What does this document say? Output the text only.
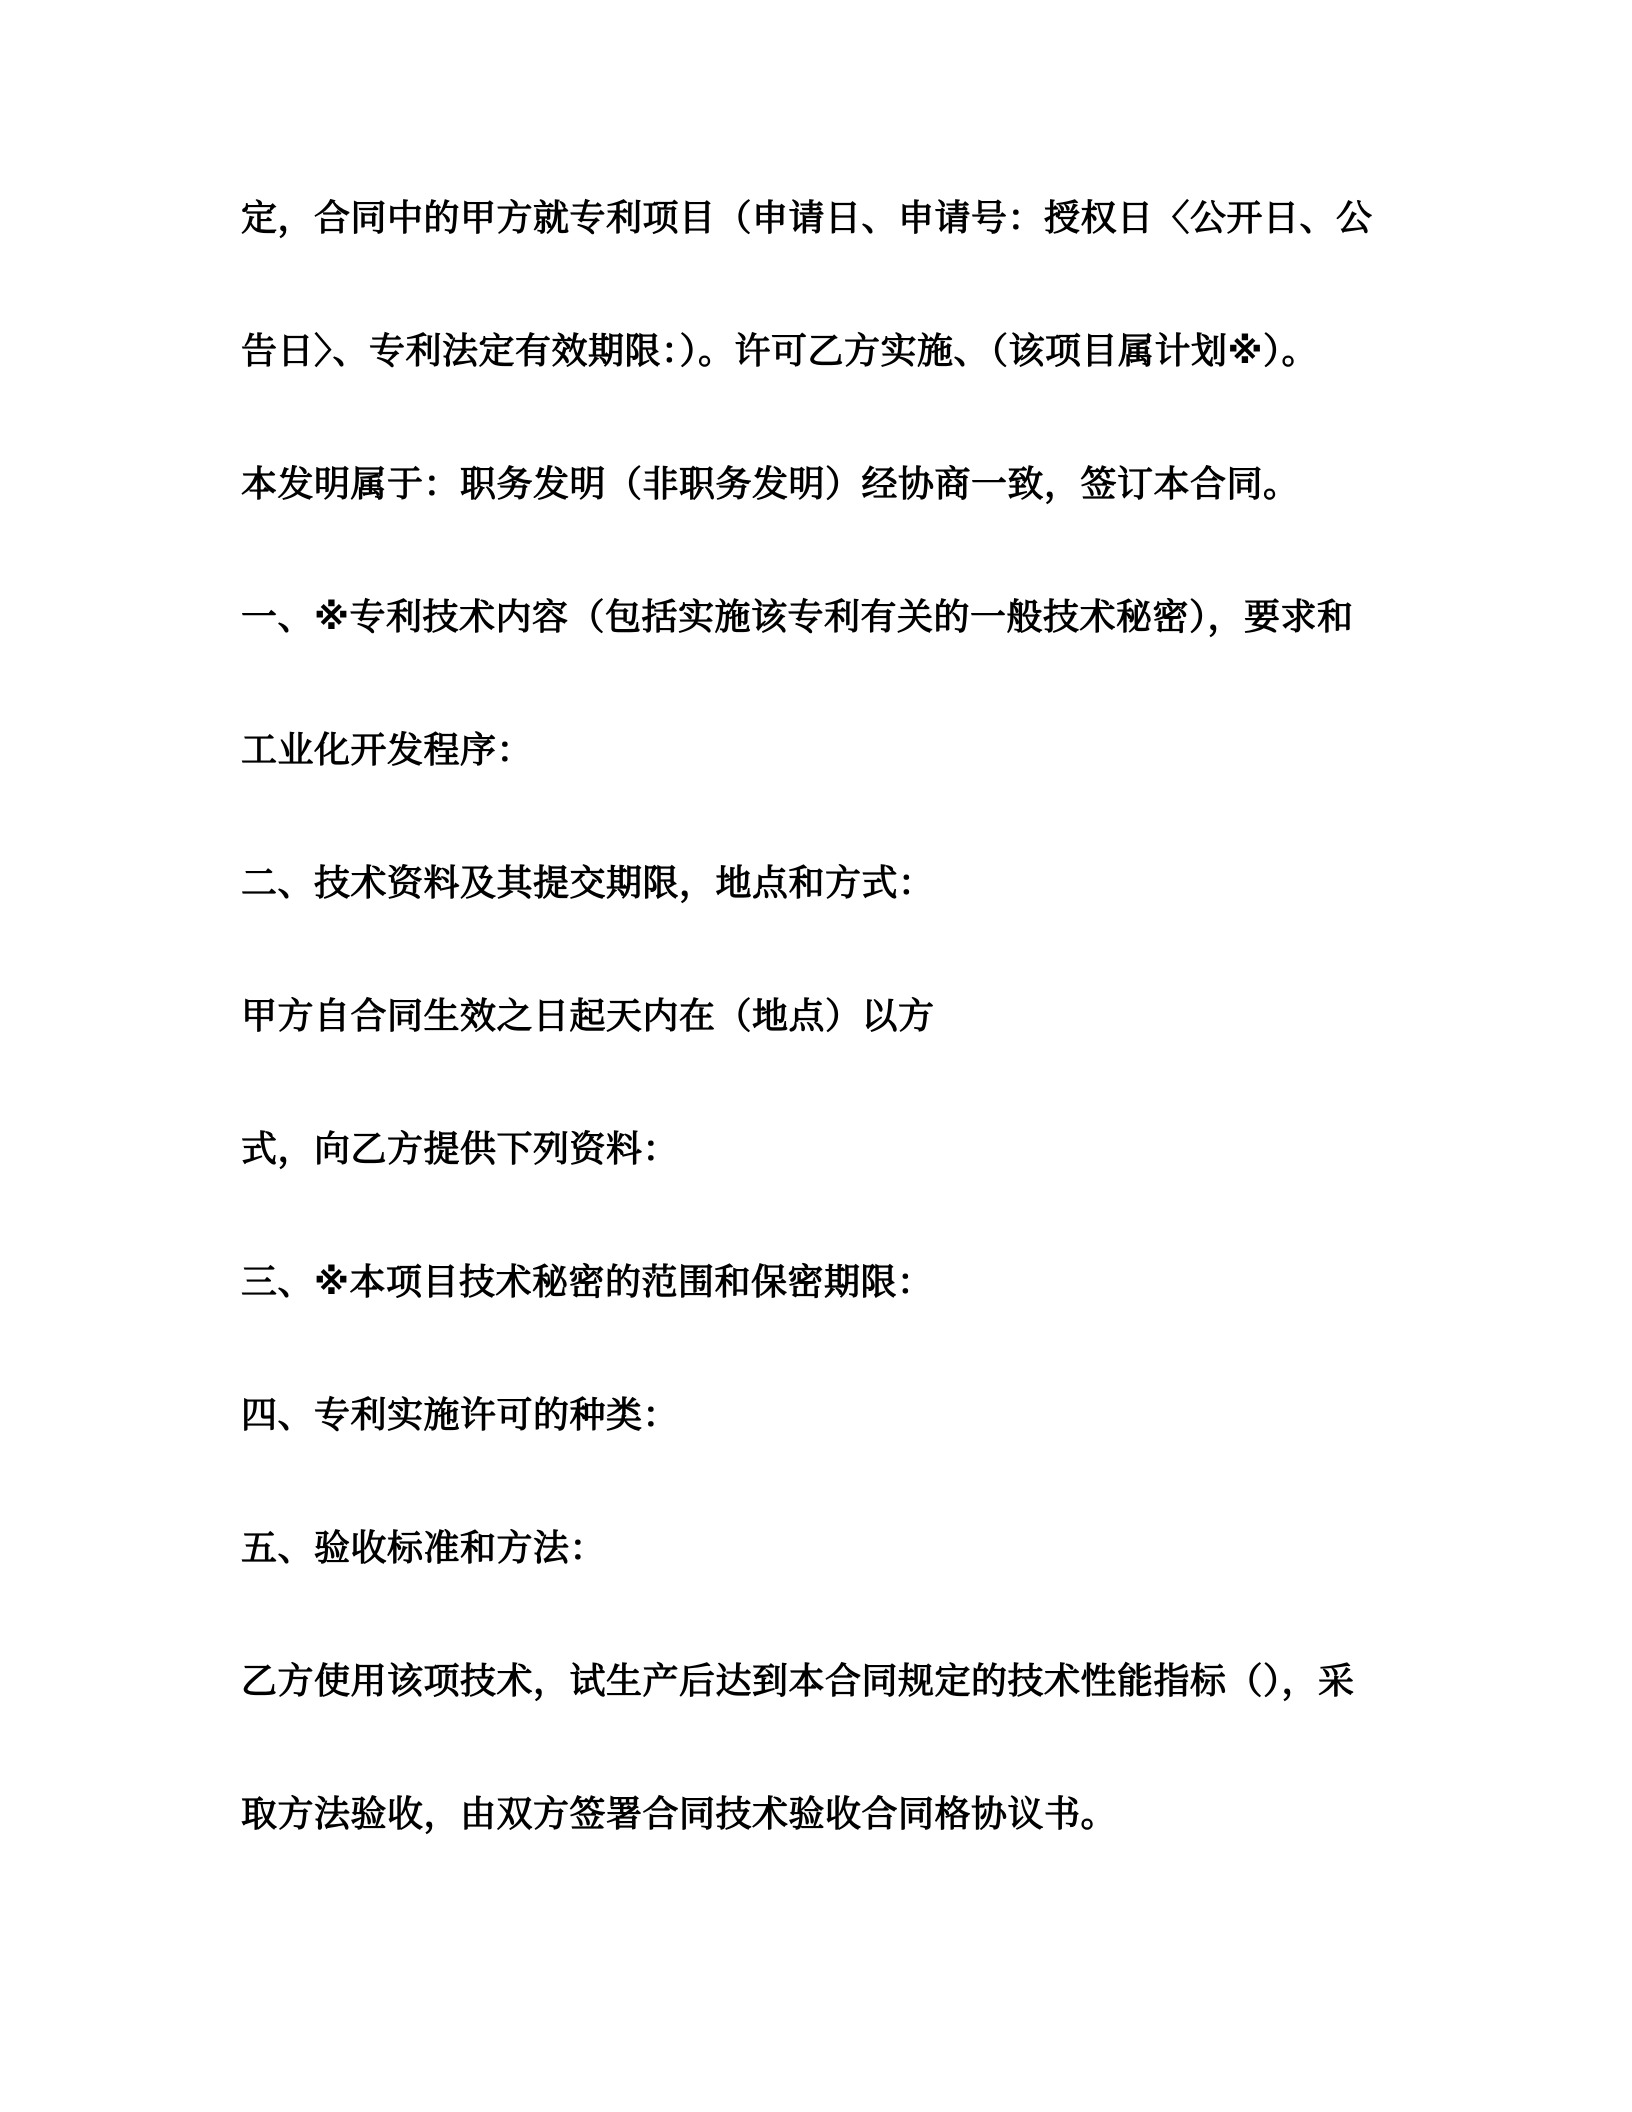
定，合同中的甲方就专利项目（申请日、申请号：授权日〈公开日、公
告日〉、专利法定有效期限：）。许可乙方实施、（该项目属计划※）。
本发明属于：职务发明（非职务发明）经协商一致，签订本合同。
一、※专利技术内容（包括实施该专利有关的一般技术秘密），要求和
工业化开发程序：
二、技术资料及其提交期限，地点和方式：
甲方自合同生效之日起天内在（地点）以方
式，向乙方提供下列资料：
三、※本项目技术秘密的范围和保密期限：
四、专利实施许可的种类：
五、验收标准和方法：
乙方使用该项技术，试生产后达到本合同规定的技术性能指标（），采
取方法验收，由双方签署合同技术验收合同格协议书。
